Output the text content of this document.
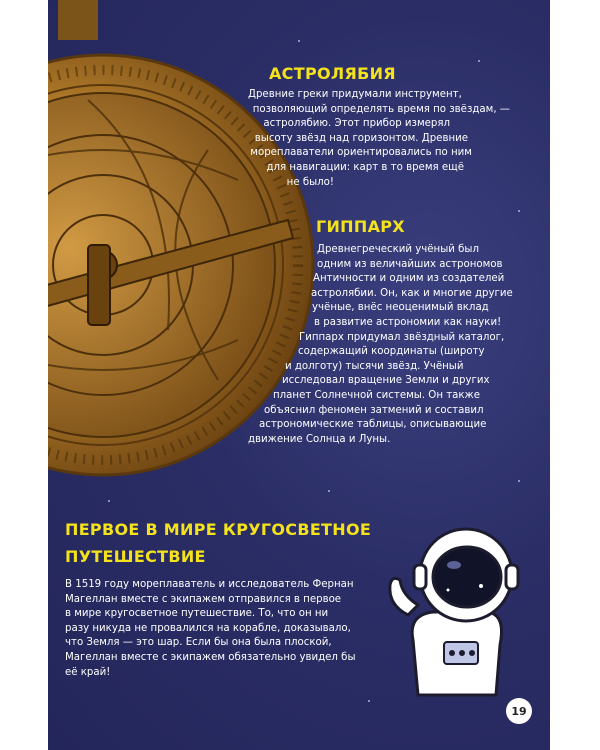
АСТРОЛЯБИЯ
Древние греки придумали инструмент,
позволяющий определять время по звёздам, —
астролябию. Этот прибор измерял
высоту звёзд над горизонтом. Древние
мореплаватели ориентировались по ним
для навигации: карт в то время ещё
не было!
ГИППАРХ
Древнегреческий учёный был
одним из величайших астрономов
Античности и одним из создателей
астролябии. Он, как и многие другие
учёные, внёс неоценимый вклад
в развитие астрономии как науки!
Гиппарх придумал звёздный каталог,
содержащий координаты (широту
и долготу) тысячи звёзд. Учёный
исследовал вращение Земли и других
планет Солнечной системы. Он также
объяснил феномен затмений и составил
астрономические таблицы, описывающие
движение Солнца и Луны.
ПЕРВОЕ В МИРЕ КРУГОСВЕТНОЕ
ПУТЕШЕСТВИЕ
В 1519 году мореплаватель и исследователь Фернан
Магеллан вместе с экипажем отправился в первое
в мире кругосветное путешествие. То, что он ни
разу никуда не провалился на корабле, доказывало,
что Земля — это шар. Если бы она была плоской,
Магеллан вместе с экипажем обязательно увидел бы
её край!
19
